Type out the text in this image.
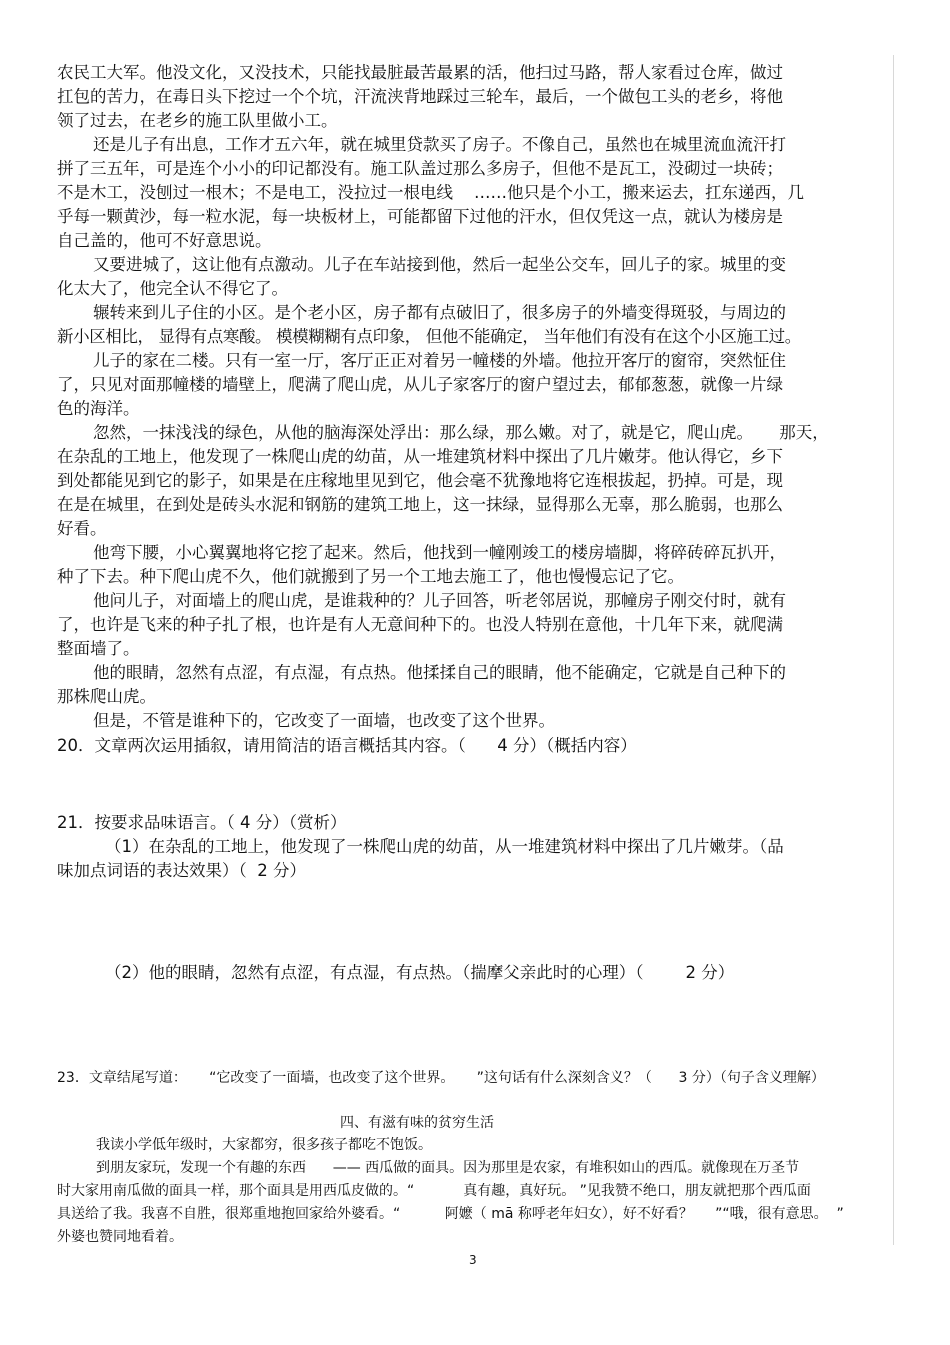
农民工大军。他没文化，又没技术，只能找最脏最苦最累的活，他扫过马路，帮人家看过仓库，做过
扛包的苦力，在毒日头下挖过一个个坑，汗流浃背地踩过三轮车，最后，一个做包工头的老乡，将他
领了过去，在老乡的施工队里做小工。
还是儿子有出息，工作才五六年，就在城里贷款买了房子。不像自己，虽然也在城里流血流汗打
拼了三五年，可是连个小小的印记都没有。施工队盖过那么多房子，但他不是瓦工，没砌过一块砖；
不是木工，没刨过一根木；不是电工，没拉过一根电线    ……他只是个小工，搬来运去，扛东递西，几
乎每一颗黄沙，每一粒水泥，每一块板材上，可能都留下过他的汗水，但仅凭这一点，就认为楼房是
自己盖的，他可不好意思说。
又要进城了，这让他有点激动。儿子在车站接到他，然后一起坐公交车，回儿子的家。城里的变
化太大了，他完全认不得它了。
辗转来到儿子住的小区。是个老小区，房子都有点破旧了，很多房子的外墙变得斑驳，与周边的
新小区相比， 显得有点寒酸。 模模糊糊有点印象， 但他不能确定， 当年他们有没有在这个小区施工过。
儿子的家在二楼。只有一室一厅，客厅正正对着另一幢楼的外墙。他拉开客厅的窗帘，突然怔住
了，只见对面那幢楼的墙壁上，爬满了爬山虎，从儿子家客厅的窗户望过去，郁郁葱葱，就像一片绿
色的海洋。
忽然，一抹浅浅的绿色，从他的脑海深处浮出：那么绿，那么嫩。对了，就是它，爬山虎。     那天，
在杂乱的工地上，他发现了一株爬山虎的幼苗，从一堆建筑材料中探出了几片嫩芽。他认得它，乡下
到处都能见到它的影子，如果是在庄稼地里见到它，他会毫不犹豫地将它连根拔起，扔掉。可是，现
在是在城里，在到处是砖头水泥和钢筋的建筑工地上，这一抹绿，显得那么无辜，那么脆弱，也那么
好看。
他弯下腰，小心翼翼地将它挖了起来。然后，他找到一幢刚竣工的楼房墙脚，将碎砖碎瓦扒开，
种了下去。种下爬山虎不久，他们就搬到了另一个工地去施工了，他也慢慢忘记了它。
他问儿子，对面墙上的爬山虎，是谁栽种的？儿子回答，听老邻居说，那幢房子刚交付时，就有
了，也许是飞来的种子扎了根，也许是有人无意间种下的。也没人特别在意他，十几年下来，就爬满
整面墙了。
他的眼睛，忽然有点涩，有点湿，有点热。他揉揉自己的眼睛，他不能确定，它就是自己种下的
那株爬山虎。
但是，不管是谁种下的，它改变了一面墙，也改变了这个世界。
20．文章两次运用插叙，请用简洁的语言概括其内容。（      4 分）（概括内容）
21．按要求品味语言。（ 4 分）（赏析）
（1）在杂乱的工地上，他发现了一株爬山虎的幼苗，从一堆建筑材料中探出了几片嫩芽。（品
味加点词语的表达效果）（  2 分）
（2）他的眼睛，忽然有点涩，有点湿，有点热。（揣摩父亲此时的心理）（        2 分）
23．文章结尾写道：     “它改变了一面墙，也改变了这个世界。     ”这句话有什么深刻含义？（      3 分）（句子含义理解）
四、有滋有味的贫穷生活
我读小学低年级时，大家都穷，很多孩子都吃不饱饭。
到朋友家玩，发现一个有趣的东西      —— 西瓜做的面具。因为那里是农家，有堆积如山的西瓜。就像现在万圣节
时大家用南瓜做的面具一样，那个面具是用西瓜皮做的。“           真有趣，真好玩。 ”见我赞不绝口，朋友就把那个西瓜面
具送给了我。我喜不自胜，很郑重地抱回家给外婆看。“          阿嬷（ mā 称呼老年妇女），好不好看？     ”“哦，很有意思。  ”
外婆也赞同地看着。
3
